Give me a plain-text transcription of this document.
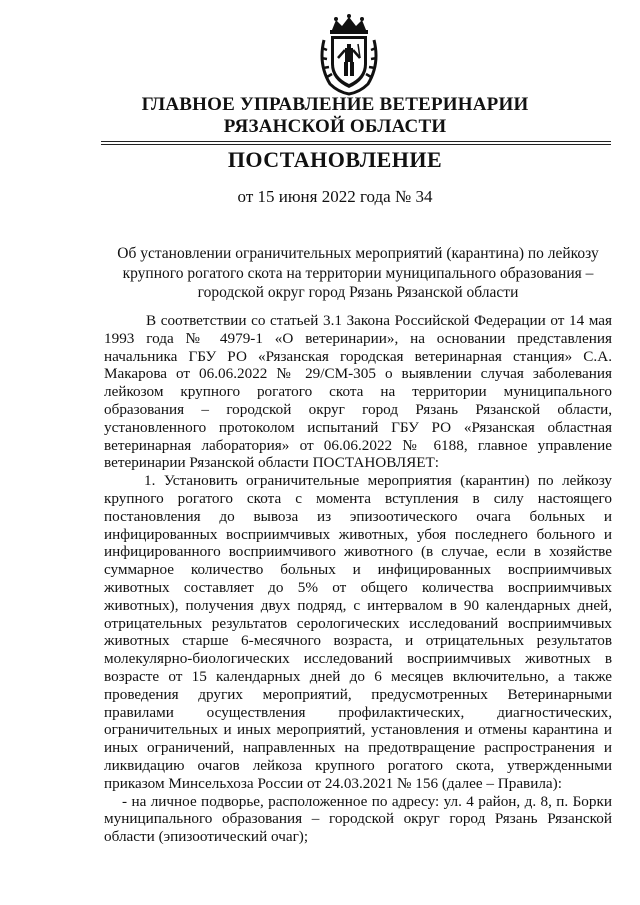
ГЛАВНОЕ УПРАВЛЕНИЕ ВЕТЕРИНАРИИ
РЯЗАНСКОЙ ОБЛАСТИ
ПОСТАНОВЛЕНИЕ
от 15 июня 2022 года № 34
Об установлении ограничительных мероприятий (карантина) по лейкозу крупного рогатого скота на территории муниципального образования – городской округ город Рязань Рязанской области

В соответствии со статьей 3.1 Закона Российской Федерации от 14 мая 1993 года № 4979-1 «О ветеринарии», на основании представления начальника ГБУ РО «Рязанская городская ветеринарная станция» С.А. Макарова от 06.06.2022 № 29/СМ-305 о выявлении случая заболевания лейкозом крупного рогатого скота на территории муниципального образования – городской округ город Рязань Рязанской области, установленного протоколом испытаний ГБУ РО «Рязанская областная ветеринарная лаборатория» от 06.06.2022 № 6188, главное управление ветеринарии Рязанской области ПОСТАНОВЛЯЕТ:

1. Установить ограничительные мероприятия (карантин) по лейкозу крупного рогатого скота с момента вступления в силу настоящего постановления до вывоза из эпизоотического очага больных и инфицированных восприимчивых животных, убоя последнего больного и инфицированного восприимчивого животного (в случае, если в хозяйстве суммарное количество больных и инфицированных восприимчивых животных составляет до 5% от общего количества восприимчивых животных), получения двух подряд, с интервалом в 90 календарных дней, отрицательных результатов серологических исследований восприимчивых животных старше 6-месячного возраста, и отрицательных результатов молекулярно-биологических исследований восприимчивых животных в возрасте от 15 календарных дней до 6 месяцев включительно, а также проведения других мероприятий, предусмотренных Ветеринарными правилами осуществления профилактических, диагностических, ограничительных и иных мероприятий, установления и отмены карантина и иных ограничений, направленных на предотвращение распространения и ликвидацию очагов лейкоза крупного рогатого скота, утвержденными приказом Минсельхоза России от 24.03.2021 № 156 (далее – Правила):

- на личное подворье, расположенное по адресу: ул. 4 район, д. 8, п. Борки муниципального образования – городской округ город Рязань Рязанской области (эпизоотический очаг);
